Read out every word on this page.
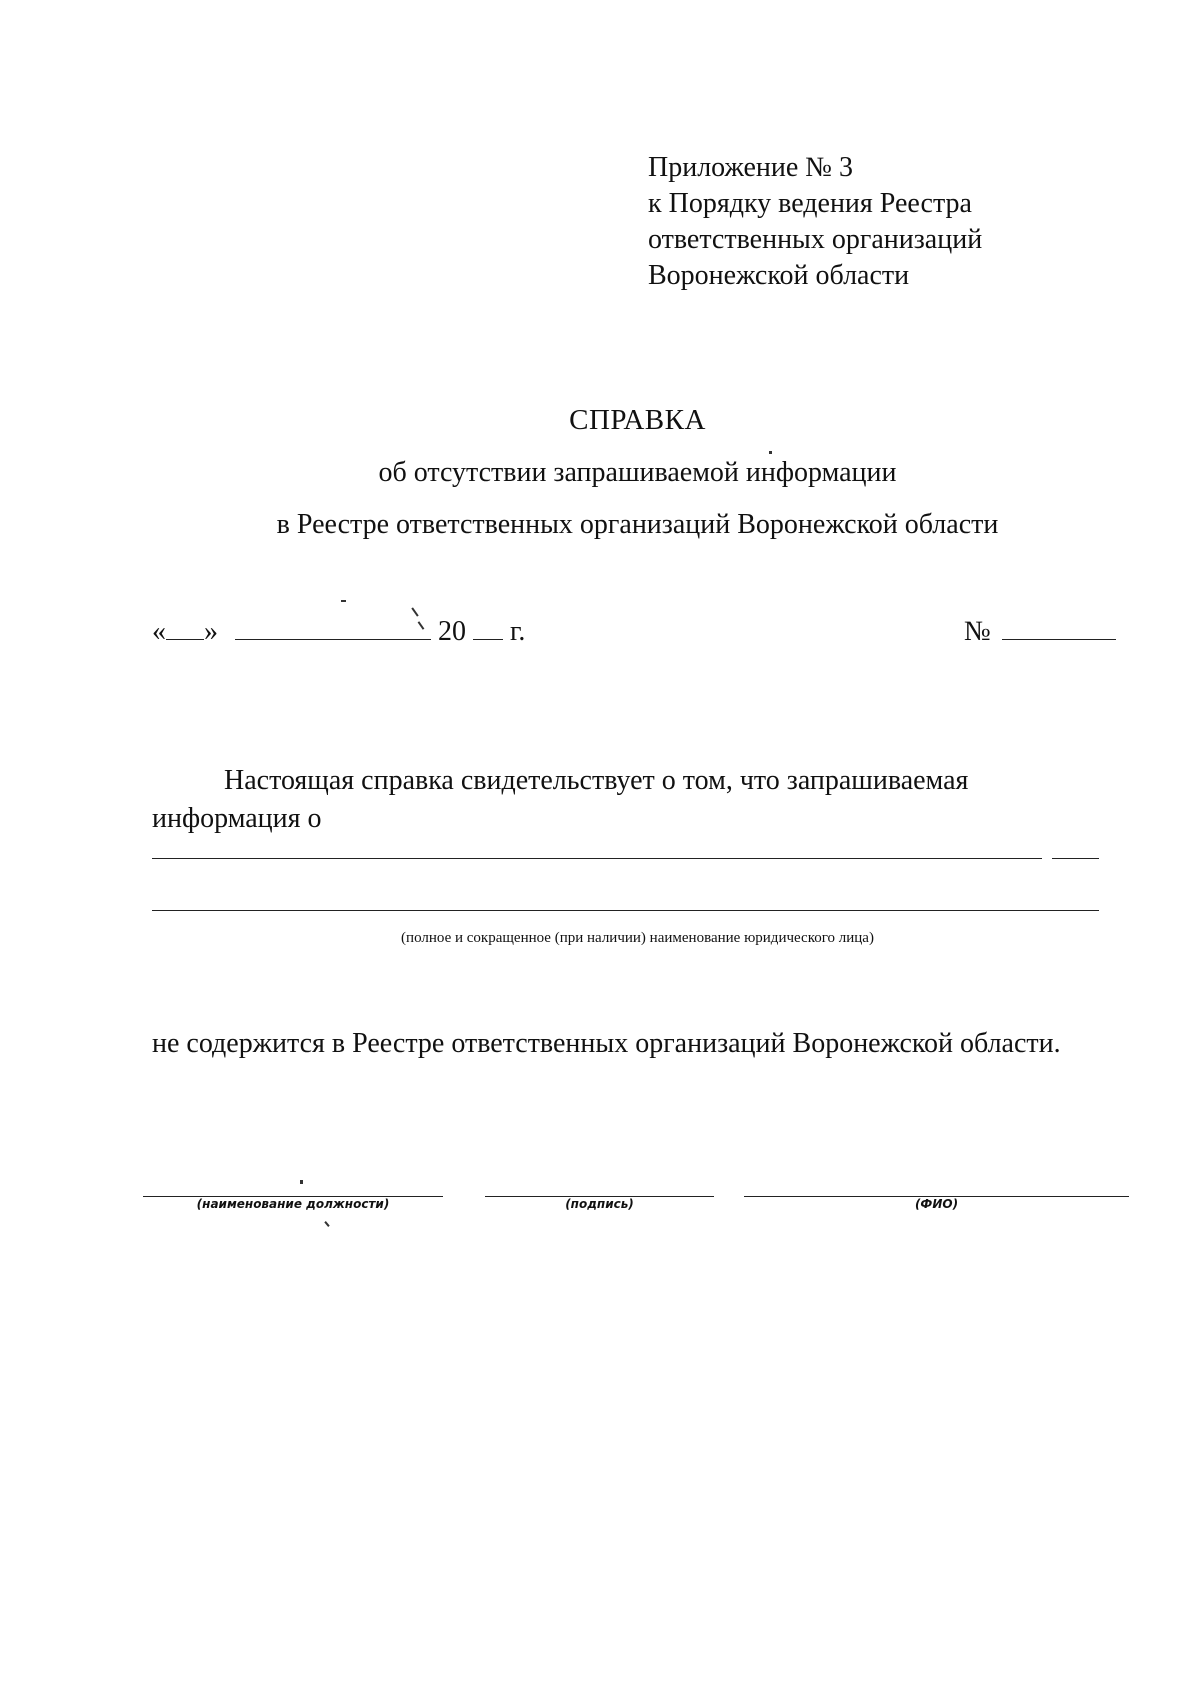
Приложение № 3
к Порядку ведения Реестра
ответственных организаций
Воронежской области
СПРАВКА
об отсутствии запрашиваемой информации
в Реестре ответственных организаций Воронежской области
« »	20 г.	№
Настоящая справка свидетельствует о том, что запрашиваемая
информация о
(полное и сокращенное (при наличии) наименование юридического лица)
не содержится в Реестре ответственных организаций Воронежской области.
(наименование должности)	(подпись)	(ФИО)
